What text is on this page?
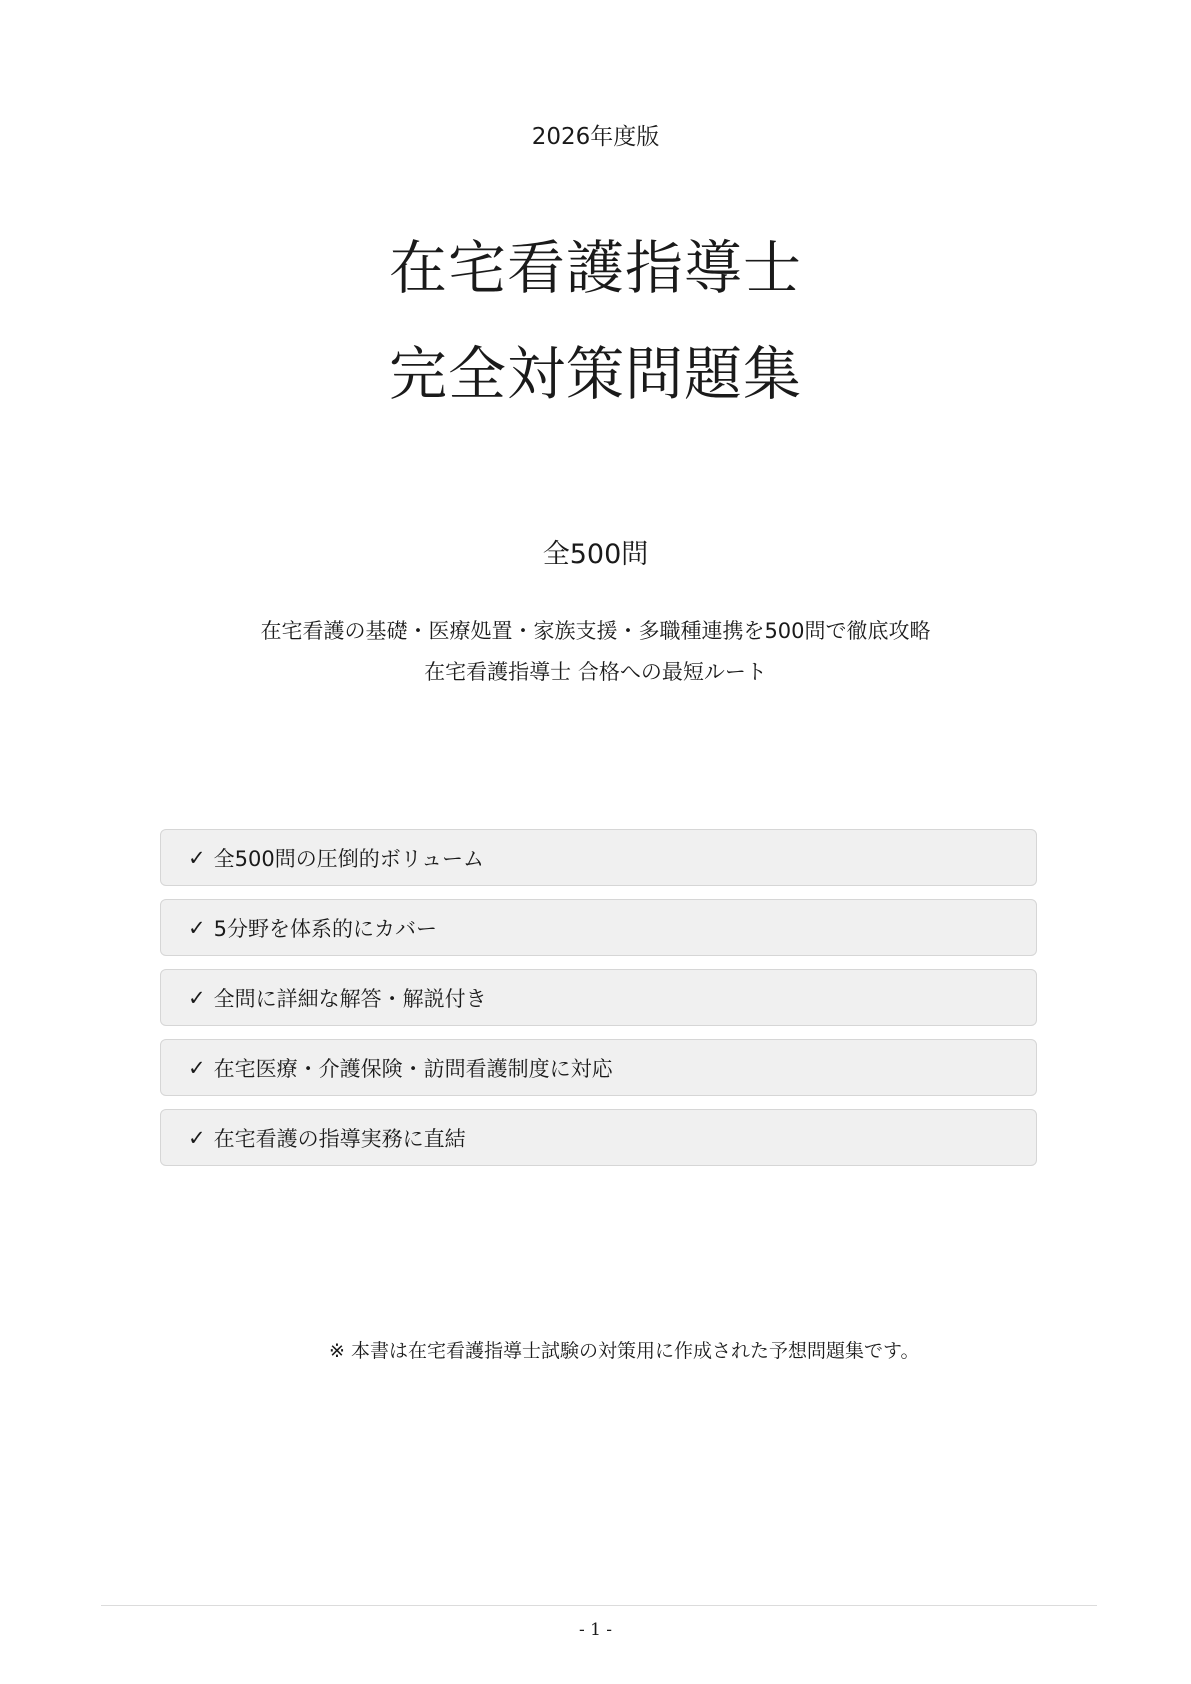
2026年度版
在宅看護指導士
完全対策問題集
全500問
在宅看護の基礎・医療処置・家族支援・多職種連携を500問で徹底攻略
在宅看護指導士 合格への最短ルート
✓ 全500問の圧倒的ボリューム
✓ 5分野を体系的にカバー
✓ 全問に詳細な解答・解説付き
✓ 在宅医療・介護保険・訪問看護制度に対応
✓ 在宅看護の指導実務に直結
※ 本書は在宅看護指導士試験の対策用に作成された予想問題集です。
- 1 -
